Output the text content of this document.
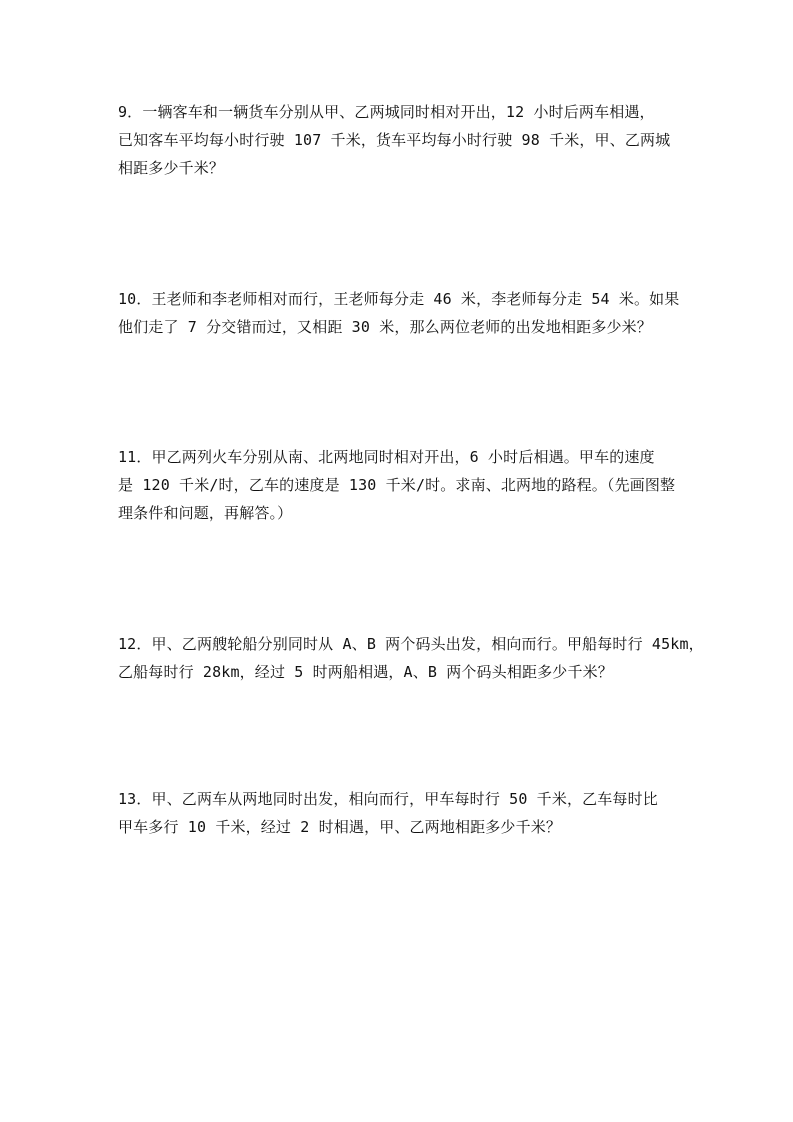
9．一辆客车和一辆货车分别从甲、乙两城同时相对开出，12 小时后两车相遇，
已知客车平均每小时行驶 107 千米，货车平均每小时行驶 98 千米，甲、乙两城
相距多少千米？
10．王老师和李老师相对而行，王老师每分走 46 米，李老师每分走 54 米。如果
他们走了 7 分交错而过，又相距 30 米，那么两位老师的出发地相距多少米？
11．甲乙两列火车分别从南、北两地同时相对开出，6 小时后相遇。甲车的速度
是 120 千米/时，乙车的速度是 130 千米/时。求南、北两地的路程。（先画图整
理条件和问题，再解答。）
12．甲、乙两艘轮船分别同时从 A、B 两个码头出发，相向而行。甲船每时行 45km，
乙船每时行 28km，经过 5 时两船相遇，A、B 两个码头相距多少千米？
13．甲、乙两车从两地同时出发，相向而行，甲车每时行 50 千米，乙车每时比
甲车多行 10 千米，经过 2 时相遇，甲、乙两地相距多少千米？
